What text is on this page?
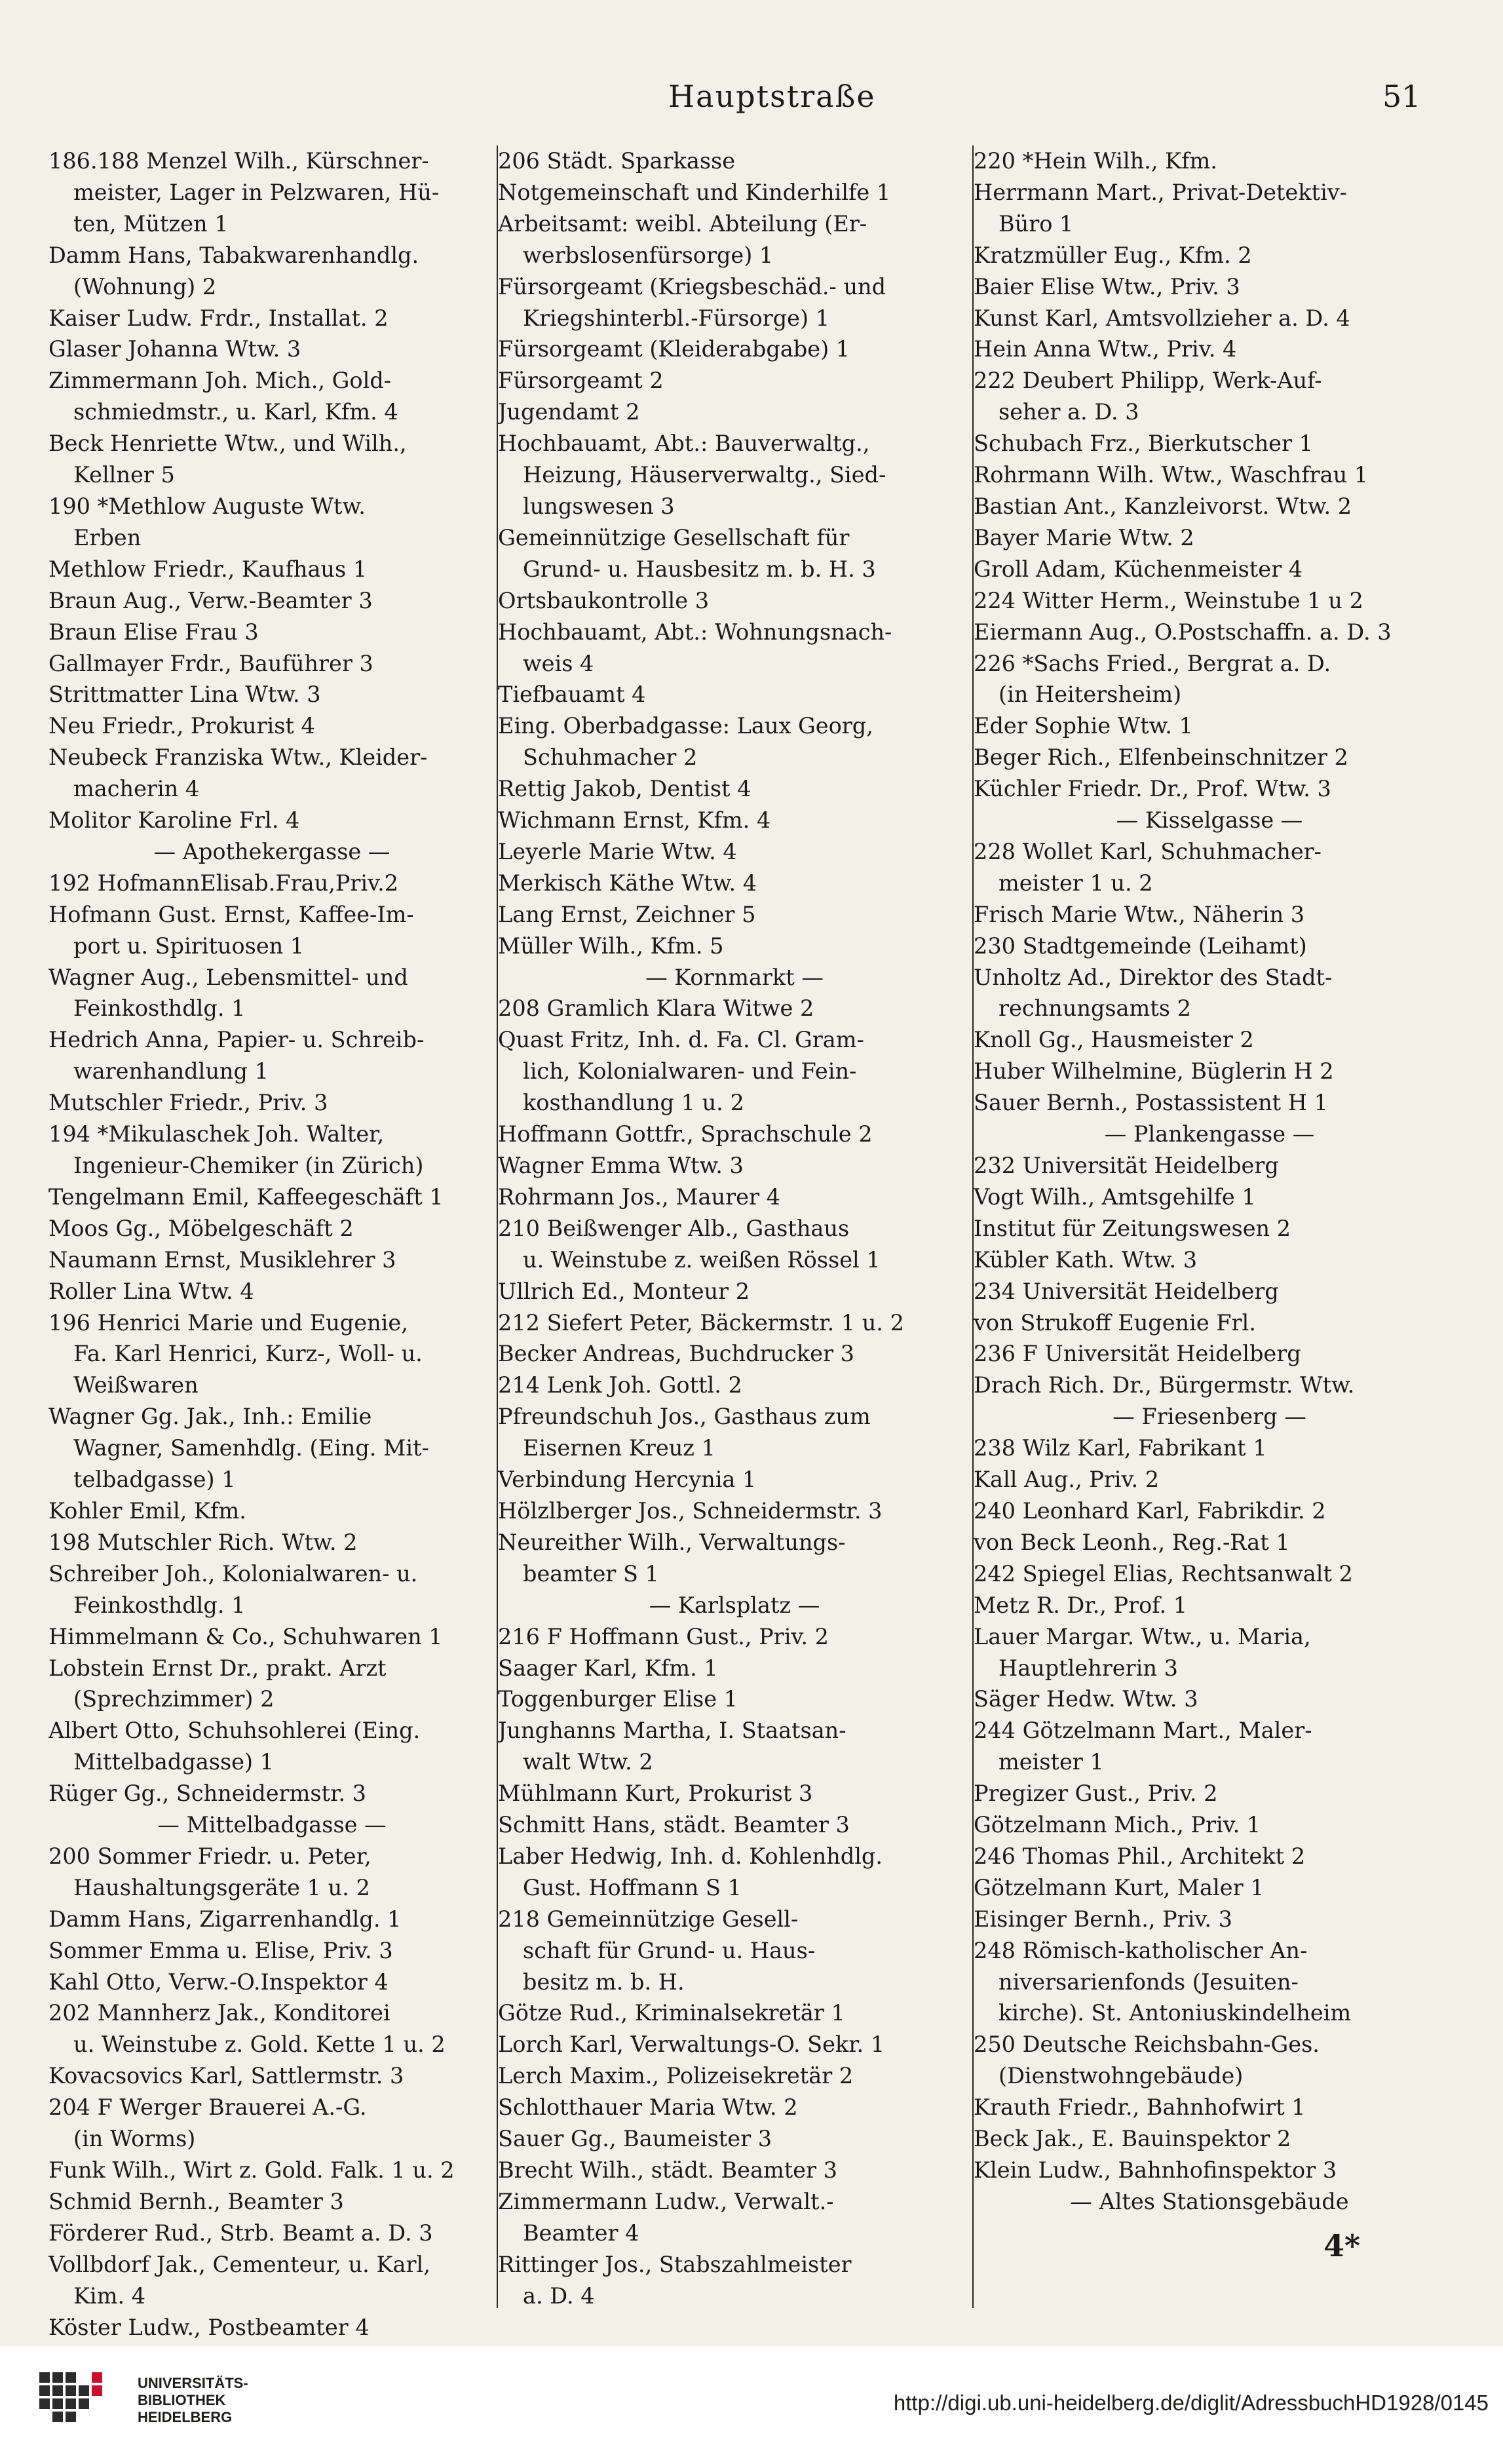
Hauptstraße	51
186.188 Menzel Wilh., Kürschner-
meister, Lager in Pelzwaren, Hü-
ten, Mützen 1
Damm Hans, Tabakwarenhandlg.
(Wohnung) 2
Kaiser Ludw. Frdr., Installat. 2
Glaser Johanna Wtw. 3
Zimmermann Joh. Mich., Gold-
schmiedmstr., u. Karl, Kfm. 4
Beck Henriette Wtw., und Wilh.,
Kellner 5
190 *Methlow Auguste Wtw.
Erben
Methlow Friedr., Kaufhaus 1
Braun Aug., Verw.-Beamter 3
Braun Elise Frau 3
Gallmayer Frdr., Bauführer 3
Strittmatter Lina Wtw. 3
Neu Friedr., Prokurist 4
Neubeck Franziska Wtw., Kleider-
macherin 4
Molitor Karoline Frl. 4
— Apothekergasse —
192 HofmannElisab.Frau,Priv.2
Hofmann Gust. Ernst, Kaffee-Im-
port u. Spirituosen 1
Wagner Aug., Lebensmittel- und
Feinkosthdlg. 1
Hedrich Anna, Papier- u. Schreib-
warenhandlung 1
Mutschler Friedr., Priv. 3
194 *Mikulaschek Joh. Walter,
Ingenieur-Chemiker (in Zürich)
Tengelmann Emil, Kaffeegeschäft 1
Moos Gg., Möbelgeschäft 2
Naumann Ernst, Musiklehrer 3
Roller Lina Wtw. 4
196 Henrici Marie und Eugenie,
Fa. Karl Henrici, Kurz-, Woll- u.
Weißwaren
Wagner Gg. Jak., Inh.: Emilie
Wagner, Samenhdlg. (Eing. Mit-
telbadgasse) 1
Kohler Emil, Kfm.
198 Mutschler Rich. Wtw. 2
Schreiber Joh., Kolonialwaren- u.
Feinkosthdlg. 1
Himmelmann & Co., Schuhwaren 1
Lobstein Ernst Dr., prakt. Arzt
(Sprechzimmer) 2
Albert Otto, Schuhsohlerei (Eing.
Mittelbadgasse) 1
Rüger Gg., Schneidermstr. 3
— Mittelbadgasse —
200 Sommer Friedr. u. Peter,
Haushaltungsgeräte 1 u. 2
Damm Hans, Zigarrenhandlg. 1
Sommer Emma u. Elise, Priv. 3
Kahl Otto, Verw.-O.Inspektor 4
202 Mannherz Jak., Konditorei
u. Weinstube z. Gold. Kette 1 u. 2
Kovacsovics Karl, Sattlermstr. 3
204 F Werger Brauerei A.-G.
(in Worms)
Funk Wilh., Wirt z. Gold. Falk. 1 u. 2
Schmid Bernh., Beamter 3
Förderer Rud., Strb. Beamt a. D. 3
Vollbdorf Jak., Cementeur, u. Karl,
Kim. 4
Köster Ludw., Postbeamter 4
206 Städt. Sparkasse
Notgemeinschaft und Kinderhilfe 1
Arbeitsamt: weibl. Abteilung (Er-
werbslosenfürsorge) 1
Fürsorgeamt (Kriegsbeschäd.- und
Kriegshinterbl.-Fürsorge) 1
Fürsorgeamt (Kleiderabgabe) 1
Fürsorgeamt 2
Jugendamt 2
Hochbauamt, Abt.: Bauverwaltg.,
Heizung, Häuserverwaltg., Sied-
lungswesen 3
Gemeinnützige Gesellschaft für
Grund- u. Hausbesitz m. b. H. 3
Ortsbaukontrolle 3
Hochbauamt, Abt.: Wohnungsnach-
weis 4
Tiefbauamt 4
Eing. Oberbadgasse: Laux Georg,
Schuhmacher 2
Rettig Jakob, Dentist 4
Wichmann Ernst, Kfm. 4
Leyerle Marie Wtw. 4
Merkisch Käthe Wtw. 4
Lang Ernst, Zeichner 5
Müller Wilh., Kfm. 5
— Kornmarkt —
208 Gramlich Klara Witwe 2
Quast Fritz, Inh. d. Fa. Cl. Gram-
lich, Kolonialwaren- und Fein-
kosthandlung 1 u. 2
Hoffmann Gottfr., Sprachschule 2
Wagner Emma Wtw. 3
Rohrmann Jos., Maurer 4
210 Beißwenger Alb., Gasthaus
u. Weinstube z. weißen Rössel 1
Ullrich Ed., Monteur 2
212 Siefert Peter, Bäckermstr. 1 u. 2
Becker Andreas, Buchdrucker 3
214 Lenk Joh. Gottl. 2
Pfreundschuh Jos., Gasthaus zum
Eisernen Kreuz 1
Verbindung Hercynia 1
Hölzlberger Jos., Schneidermstr. 3
Neureither Wilh., Verwaltungs-
beamter S 1
— Karlsplatz —
216 F Hoffmann Gust., Priv. 2
Saager Karl, Kfm. 1
Toggenburger Elise 1
Junghanns Martha, I. Staatsan-
walt Wtw. 2
Mühlmann Kurt, Prokurist 3
Schmitt Hans, städt. Beamter 3
Laber Hedwig, Inh. d. Kohlenhdlg.
Gust. Hoffmann S 1
218 Gemeinnützige Gesell-
schaft für Grund- u. Haus-
besitz m. b. H.
Götze Rud., Kriminalsekretär 1
Lorch Karl, Verwaltungs-O. Sekr. 1
Lerch Maxim., Polizeisekretär 2
Schlotthauer Maria Wtw. 2
Sauer Gg., Baumeister 3
Brecht Wilh., städt. Beamter 3
Zimmermann Ludw., Verwalt.-
Beamter 4
Rittinger Jos., Stabszahlmeister
a. D. 4
220 *Hein Wilh., Kfm.
Herrmann Mart., Privat-Detektiv-
Büro 1
Kratzmüller Eug., Kfm. 2
Baier Elise Wtw., Priv. 3
Kunst Karl, Amtsvollzieher a. D. 4
Hein Anna Wtw., Priv. 4
222 Deubert Philipp, Werk-Auf-
seher a. D. 3
Schubach Frz., Bierkutscher 1
Rohrmann Wilh. Wtw., Waschfrau 1
Bastian Ant., Kanzleivorst. Wtw. 2
Bayer Marie Wtw. 2
Groll Adam, Küchenmeister 4
224 Witter Herm., Weinstube 1 u 2
Eiermann Aug., O.Postschaffn. a. D. 3
226 *Sachs Fried., Bergrat a. D.
(in Heitersheim)
Eder Sophie Wtw. 1
Beger Rich., Elfenbeinschnitzer 2
Küchler Friedr. Dr., Prof. Wtw. 3
— Kisselgasse —
228 Wollet Karl, Schuhmacher-
meister 1 u. 2
Frisch Marie Wtw., Näherin 3
230 Stadtgemeinde (Leihamt)
Unholtz Ad., Direktor des Stadt-
rechnungsamts 2
Knoll Gg., Hausmeister 2
Huber Wilhelmine, Büglerin H 2
Sauer Bernh., Postassistent H 1
— Plankengasse —
232 Universität Heidelberg
Vogt Wilh., Amtsgehilfe 1
Institut für Zeitungswesen 2
Kübler Kath. Wtw. 3
234 Universität Heidelberg
von Strukoff Eugenie Frl.
236 F Universität Heidelberg
Drach Rich. Dr., Bürgermstr. Wtw.
— Friesenberg —
238 Wilz Karl, Fabrikant 1
Kall Aug., Priv. 2
240 Leonhard Karl, Fabrikdir. 2
von Beck Leonh., Reg.-Rat 1
242 Spiegel Elias, Rechtsanwalt 2
Metz R. Dr., Prof. 1
Lauer Margar. Wtw., u. Maria,
Hauptlehrerin 3
Säger Hedw. Wtw. 3
244 Götzelmann Mart., Maler-
meister 1
Pregizer Gust., Priv. 2
Götzelmann Mich., Priv. 1
246 Thomas Phil., Architekt 2
Götzelmann Kurt, Maler 1
Eisinger Bernh., Priv. 3
248 Römisch-katholischer An-
niversarienfonds (Jesuiten-
kirche). St. Antoniuskindelheim
250 Deutsche Reichsbahn-Ges.
(Dienstwohngebäude)
Krauth Friedr., Bahnhofwirt 1
Beck Jak., E. Bauinspektor 2
Klein Ludw., Bahnhofinspektor 3
— Altes Stationsgebäude
4*
UNIVERSITÄTS-
BIBLIOTHEK
HEIDELBERG
http://digi.ub.uni-heidelberg.de/diglit/AdressbuchHD1928/0145
